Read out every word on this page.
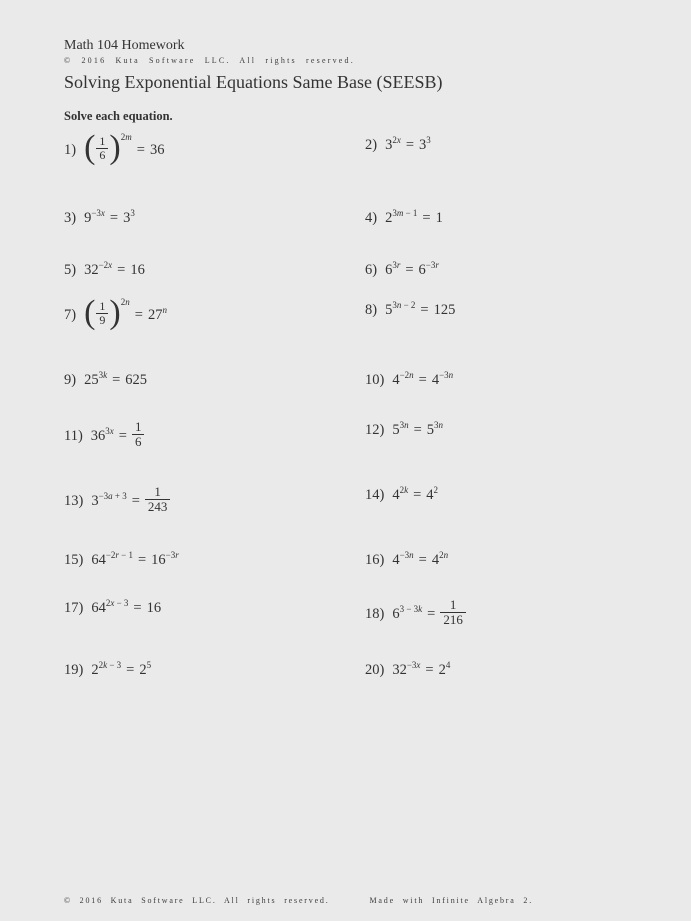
Math 104 Homework
© 2016 Kuta Software LLC. All rights reserved.
Solving Exponential Equations Same Base (SEESB)
Solve each equation.
1) ( $\frac{1}{6} )2m= 36$	2) $3^{2x} = 3^3$
3) $9^{-3x} = 3^3$	4) $2^{3m - 1} = 1$
5) $32^{-2x} = 16$	6) $6^{3r} = 6^{-3r}$
7) ( $\frac{1}{9} )2n= 27^n$	8) $5^{3n - 2} = 125$
9) $25^{3k} = 625$	10) $4^{-2n} = 4^{-3n}$
11) $36^{3x} = \frac{1}{6}$	12) $5^{3n} = 5^{3n}$
13) $3^{-3a + 3} = \frac{1}{243}$	14) $4^{2k} = 4^2$
15) $64^{-2r - 1} = 16^{-3r}$	16) $4^{-3n} = 4^{2n}$
17) $64^{2x - 3} = 16$	18) $6^{3 - 3k} = \frac{1}{216}$
19) $2^{2k - 3} = 2^5$	20) $32^{-3x} = 2^4$
© 2016 Kuta Software LLC. All rights reserved.	Made with Infinite Algebra 2.
